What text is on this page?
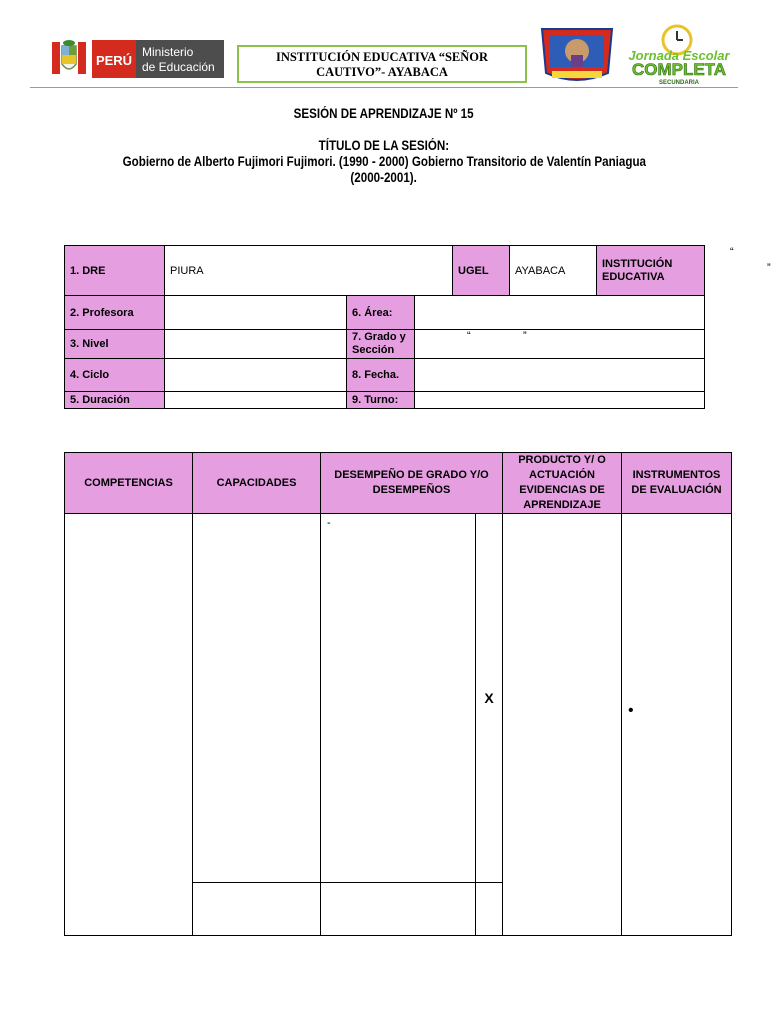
PERÚ
Ministerio
de Educación
INSTITUCIÓN EDUCATIVA “SEÑOR
CAUTIVO”- AYABACA
Jornada Escolar
COMPLETA
SECUNDARIA
SESIÓN DE APRENDIZAJE Nº 15
TÍTULO DE LA SESIÓN:
Gobierno de Alberto Fujimori Fujimori. (1990 - 2000) Gobierno Transitorio de Valentín Paniagua
(2000-2001).
1. DRE	PIURA			UGEL	AYABACA	INSTITUCIÓN EDUCATIVA	“
”

2. Profesora		6. Área:					
3. Nivel		7. Grado y Sección	“ ”				

4. Ciclo		8. Fecha.					
5. Duración		9. Turno:					
COMPETENCIAS	CAPACIDADES	DESEMPEÑO DE GRADO Y/O DESEMPEÑOS		PRODUCTO Y/ O ACTUACIÓN EVIDENCIAS DE APRENDIZAJE	INSTRUMENTOS DE EVALUACIÓN
		-	X		•
